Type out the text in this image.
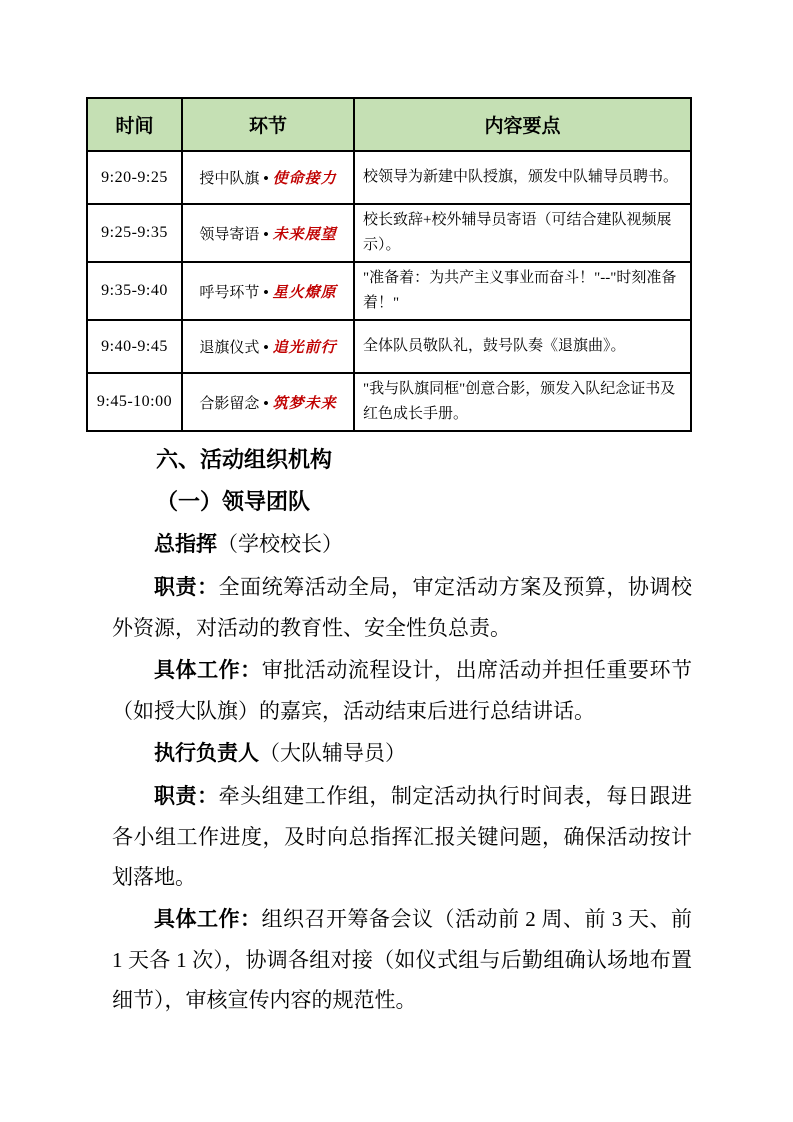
时间	环节	内容要点
9:20-9:25	授中队旗 • 使命接力	校领导为新建中队授旗，颁发中队辅导员聘书。
9:25-9:35	领导寄语 • 未来展望	校长致辞+校外辅导员寄语（可结合建队视频展示）。
9:35-9:40	呼号环节 • 星火燎原	"准备着：为共产主义事业而奋斗！"--"时刻准备着！"
9:40-9:45	退旗仪式 • 追光前行	全体队员敬队礼，鼓号队奏《退旗曲》。
9:45-10:00	合影留念 • 筑梦未来	"我与队旗同框"创意合影，颁发入队纪念证书及红色成长手册。

六、活动组织机构

（一）领导团队

总指挥（学校校长）

职责：全面统筹活动全局，审定活动方案及预算，协调校外资源，对活动的教育性、安全性负总责。

具体工作：审批活动流程设计，出席活动并担任重要环节（如授大队旗）的嘉宾，活动结束后进行总结讲话。

执行负责人（大队辅导员）

职责：牵头组建工作组，制定活动执行时间表，每日跟进各小组工作进度，及时向总指挥汇报关键问题，确保活动按计划落地。

具体工作：组织召开筹备会议（活动前 2 周、前 3 天、前 1 天各 1 次），协调各组对接（如仪式组与后勤组确认场地布置细节），审核宣传内容的规范性。
